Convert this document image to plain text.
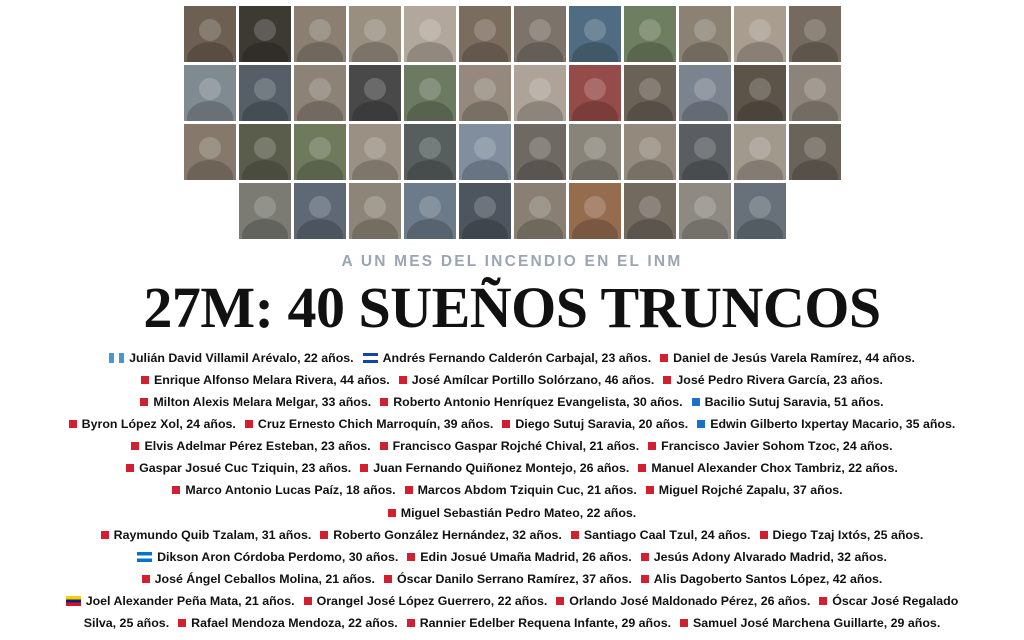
A UN MES DEL INCENDIO EN EL INM
27M: 40 SUEÑOS TRUNCOS
Julián David Villamil Arévalo, 22 años. Andrés Fernando Calderón Carbajal, 23 años. Daniel de Jesús Varela Ramírez, 44 años.
Enrique Alfonso Melara Rivera, 44 años. José Amílcar Portillo Solórzano, 46 años. José Pedro Rivera García, 23 años.
Milton Alexis Melara Melgar, 33 años. Roberto Antonio Henríquez Evangelista, 30 años. Bacilio Sutuj Saravia, 51 años.
Byron López Xol, 24 años. Cruz Ernesto Chich Marroquín, 39 años. Diego Sutuj Saravia, 20 años. Edwin Gilberto Ixpertay Macario, 35 años.
Elvis Adelmar Pérez Esteban, 23 años. Francisco Gaspar Rojché Chival, 21 años. Francisco Javier Sohom Tzoc, 24 años.
Gaspar Josué Cuc Tziquin, 23 años. Juan Fernando Quiñonez Montejo, 26 años. Manuel Alexander Chox Tambriz, 22 años.
Marco Antonio Lucas Paíz, 18 años. Marcos Abdom Tziquin Cuc, 21 años. Miguel Rojché Zapalu, 37 años.Miguel Sebastián Pedro Mateo, 22 años.
Raymundo Quib Tzalam, 31 años. Roberto González Hernández, 32 años. Santiago Caal Tzul, 24 años. Diego Tzaj Ixtós, 25 años.
Dikson Aron Córdoba Perdomo, 30 años. Edin Josué Umaña Madrid, 26 años. Jesús Adony Alvarado Madrid, 32 años.
José Ángel Ceballos Molina, 21 años. Óscar Danilo Serrano Ramírez, 37 años. Alis Dagoberto Santos López, 42 años.
Joel Alexander Peña Mata, 21 años. Orangel José López Guerrero, 22 años. Orlando José Maldonado Pérez, 26 años. Óscar José Regalado
Silva, 25 años. Rafael Mendoza Mendoza, 22 años. Rannier Edelber Requena Infante, 29 años. Samuel José Marchena Guillarte, 29 años.
